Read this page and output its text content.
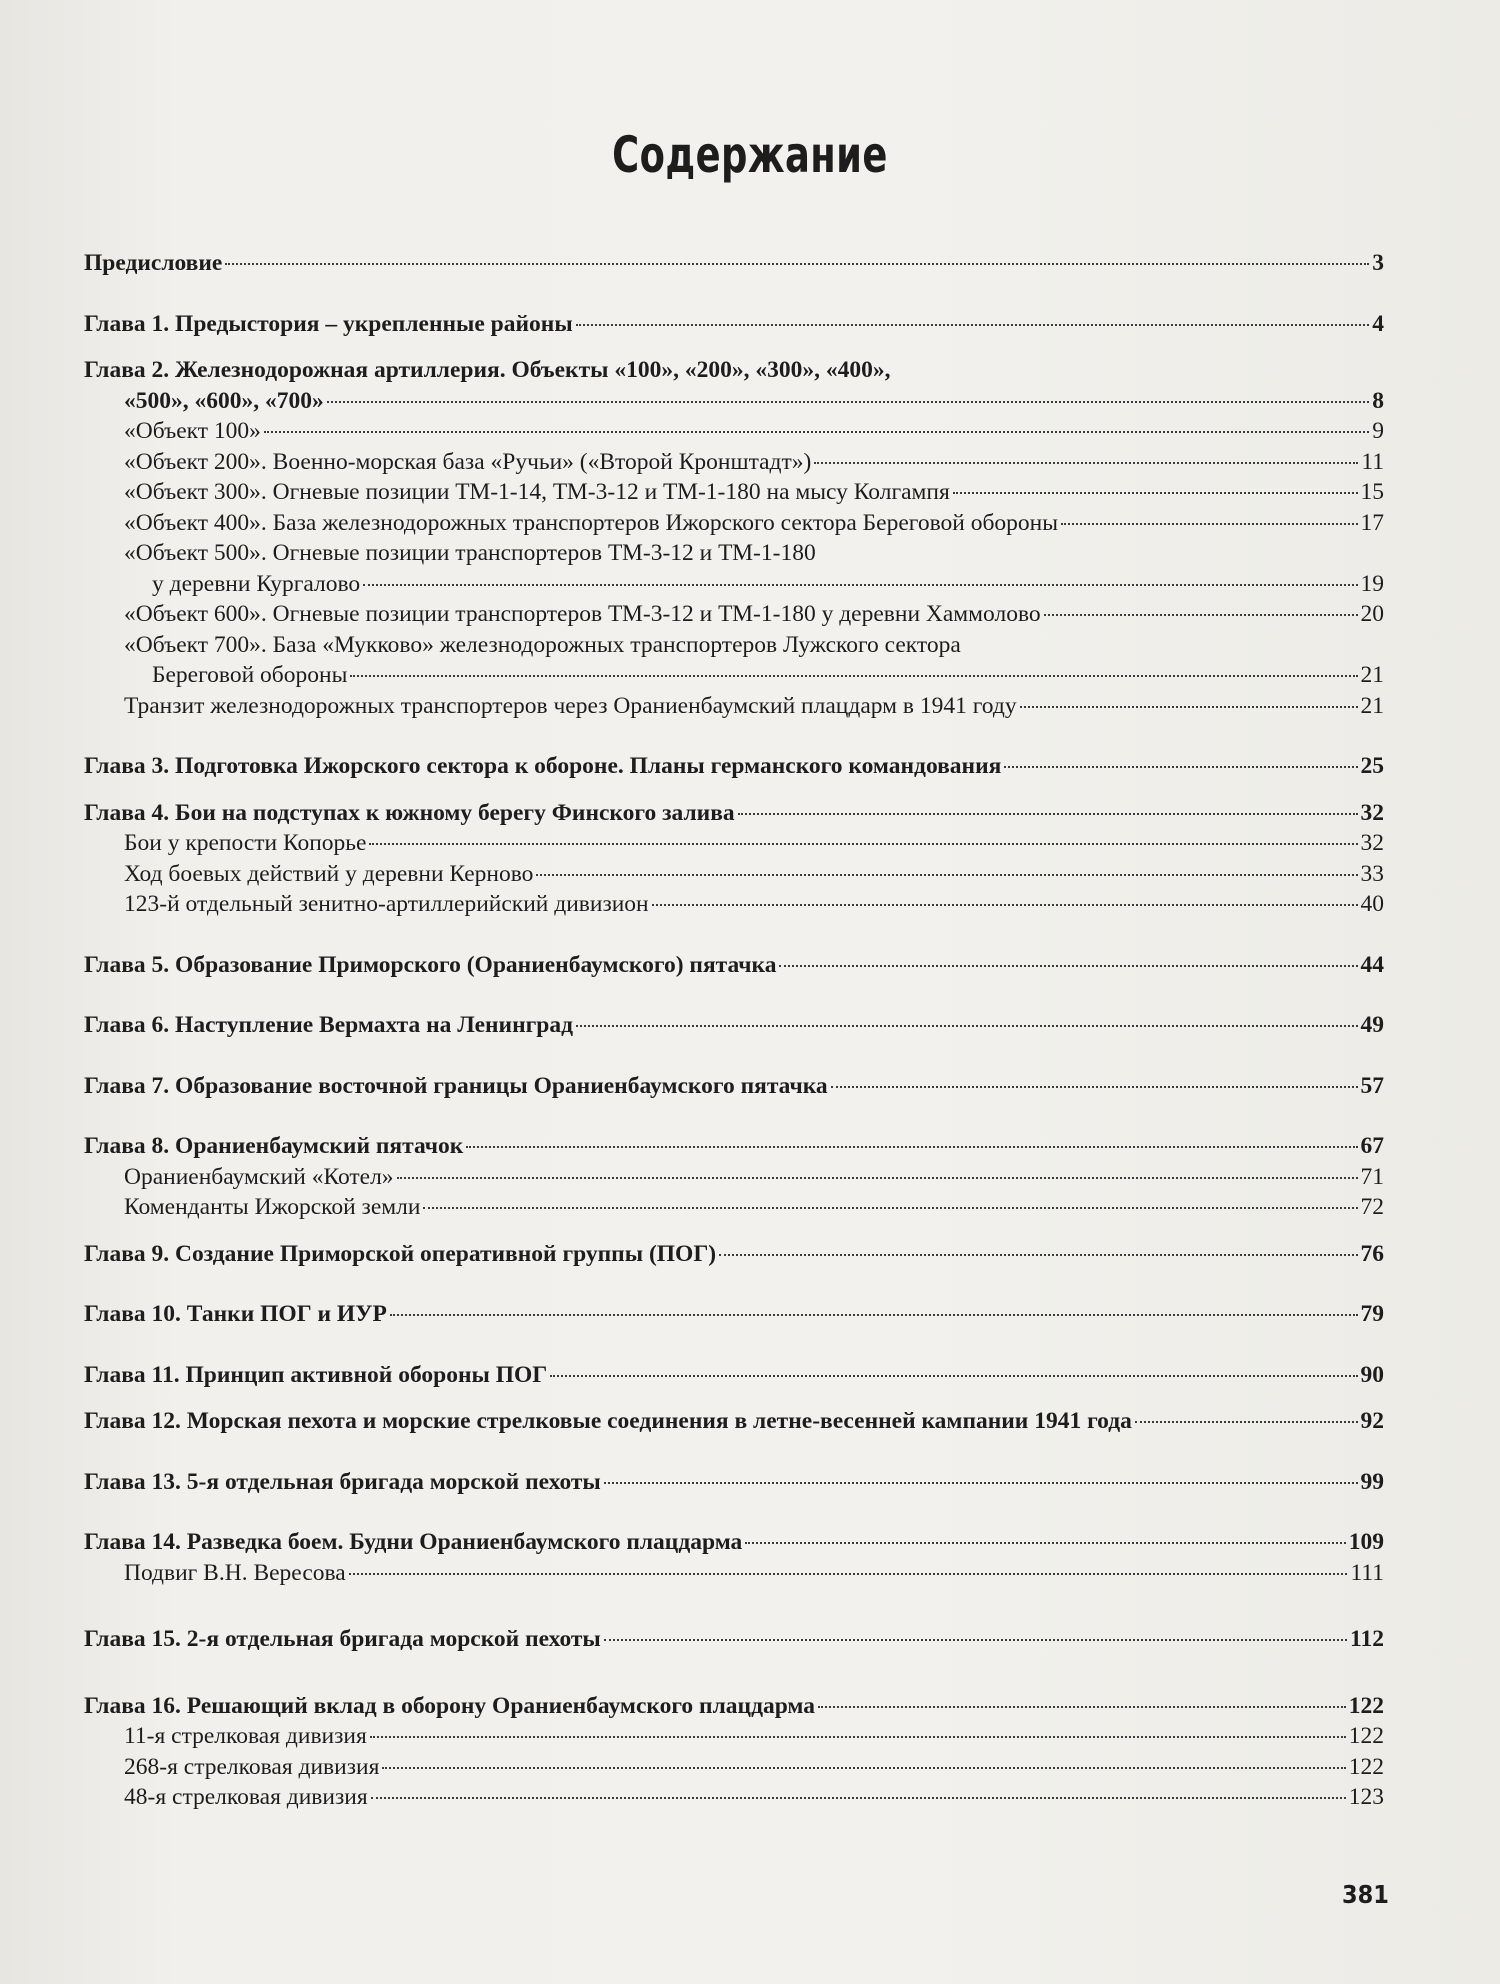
Содержание
Предисловие	3
Глава 1. Предыстория – укрепленные районы	4
Глава 2. Железнодорожная артиллерия. Объекты «100», «200», «300», «400»,
«500», «600», «700»	8
«Объект 100»	9
«Объект 200». Военно-морская база «Ручьи» («Второй Кронштадт»)	11
«Объект 300». Огневые позиции ТМ-1-14, ТМ-3-12 и ТМ-1-180 на мысу Колгампя	15
«Объект 400». База железнодорожных транспортеров Ижорского сектора Береговой обороны	17
«Объект 500». Огневые позиции транспортеров ТМ-3-12 и ТМ-1-180
у деревни Кургалово	19
«Объект 600». Огневые позиции транспортеров ТМ-3-12 и ТМ-1-180 у деревни Хаммолово	20
«Объект 700». База «Мукково» железнодорожных транспортеров Лужского сектора
Береговой обороны	21
Транзит железнодорожных транспортеров через Ораниенбаумский плацдарм в 1941 году	21
Глава 3. Подготовка Ижорского сектора к обороне. Планы германского командования	25
Глава 4. Бои на подступах к южному берегу Финского залива	32
Бои у крепости Копорье	32
Ход боевых действий у деревни Керново	33
123-й отдельный зенитно-артиллерийский дивизион	40
Глава 5. Образование Приморского (Ораниенбаумского) пятачка	44
Глава 6. Наступление Вермахта на Ленинград	49
Глава 7. Образование восточной границы Ораниенбаумского пятачка	57
Глава 8. Ораниенбаумский пятачок	67
Ораниенбаумский «Котел»	71
Коменданты Ижорской земли	72
Глава 9. Создание Приморской оперативной группы (ПОГ)	76
Глава 10. Танки ПОГ и ИУР	79
Глава 11. Принцип активной обороны ПОГ	90
Глава 12. Морская пехота и морские стрелковые соединения в летне-весенней кампании 1941 года	92
Глава 13. 5-я отдельная бригада морской пехоты	99
Глава 14. Разведка боем. Будни Ораниенбаумского плацдарма	109
Подвиг В.Н. Вересова	111
Глава 15. 2-я отдельная бригада морской пехоты	112
Глава 16. Решающий вклад в оборону Ораниенбаумского плацдарма	122
11-я стрелковая дивизия	122
268-я стрелковая дивизия	122
48-я стрелковая дивизия	123
381
